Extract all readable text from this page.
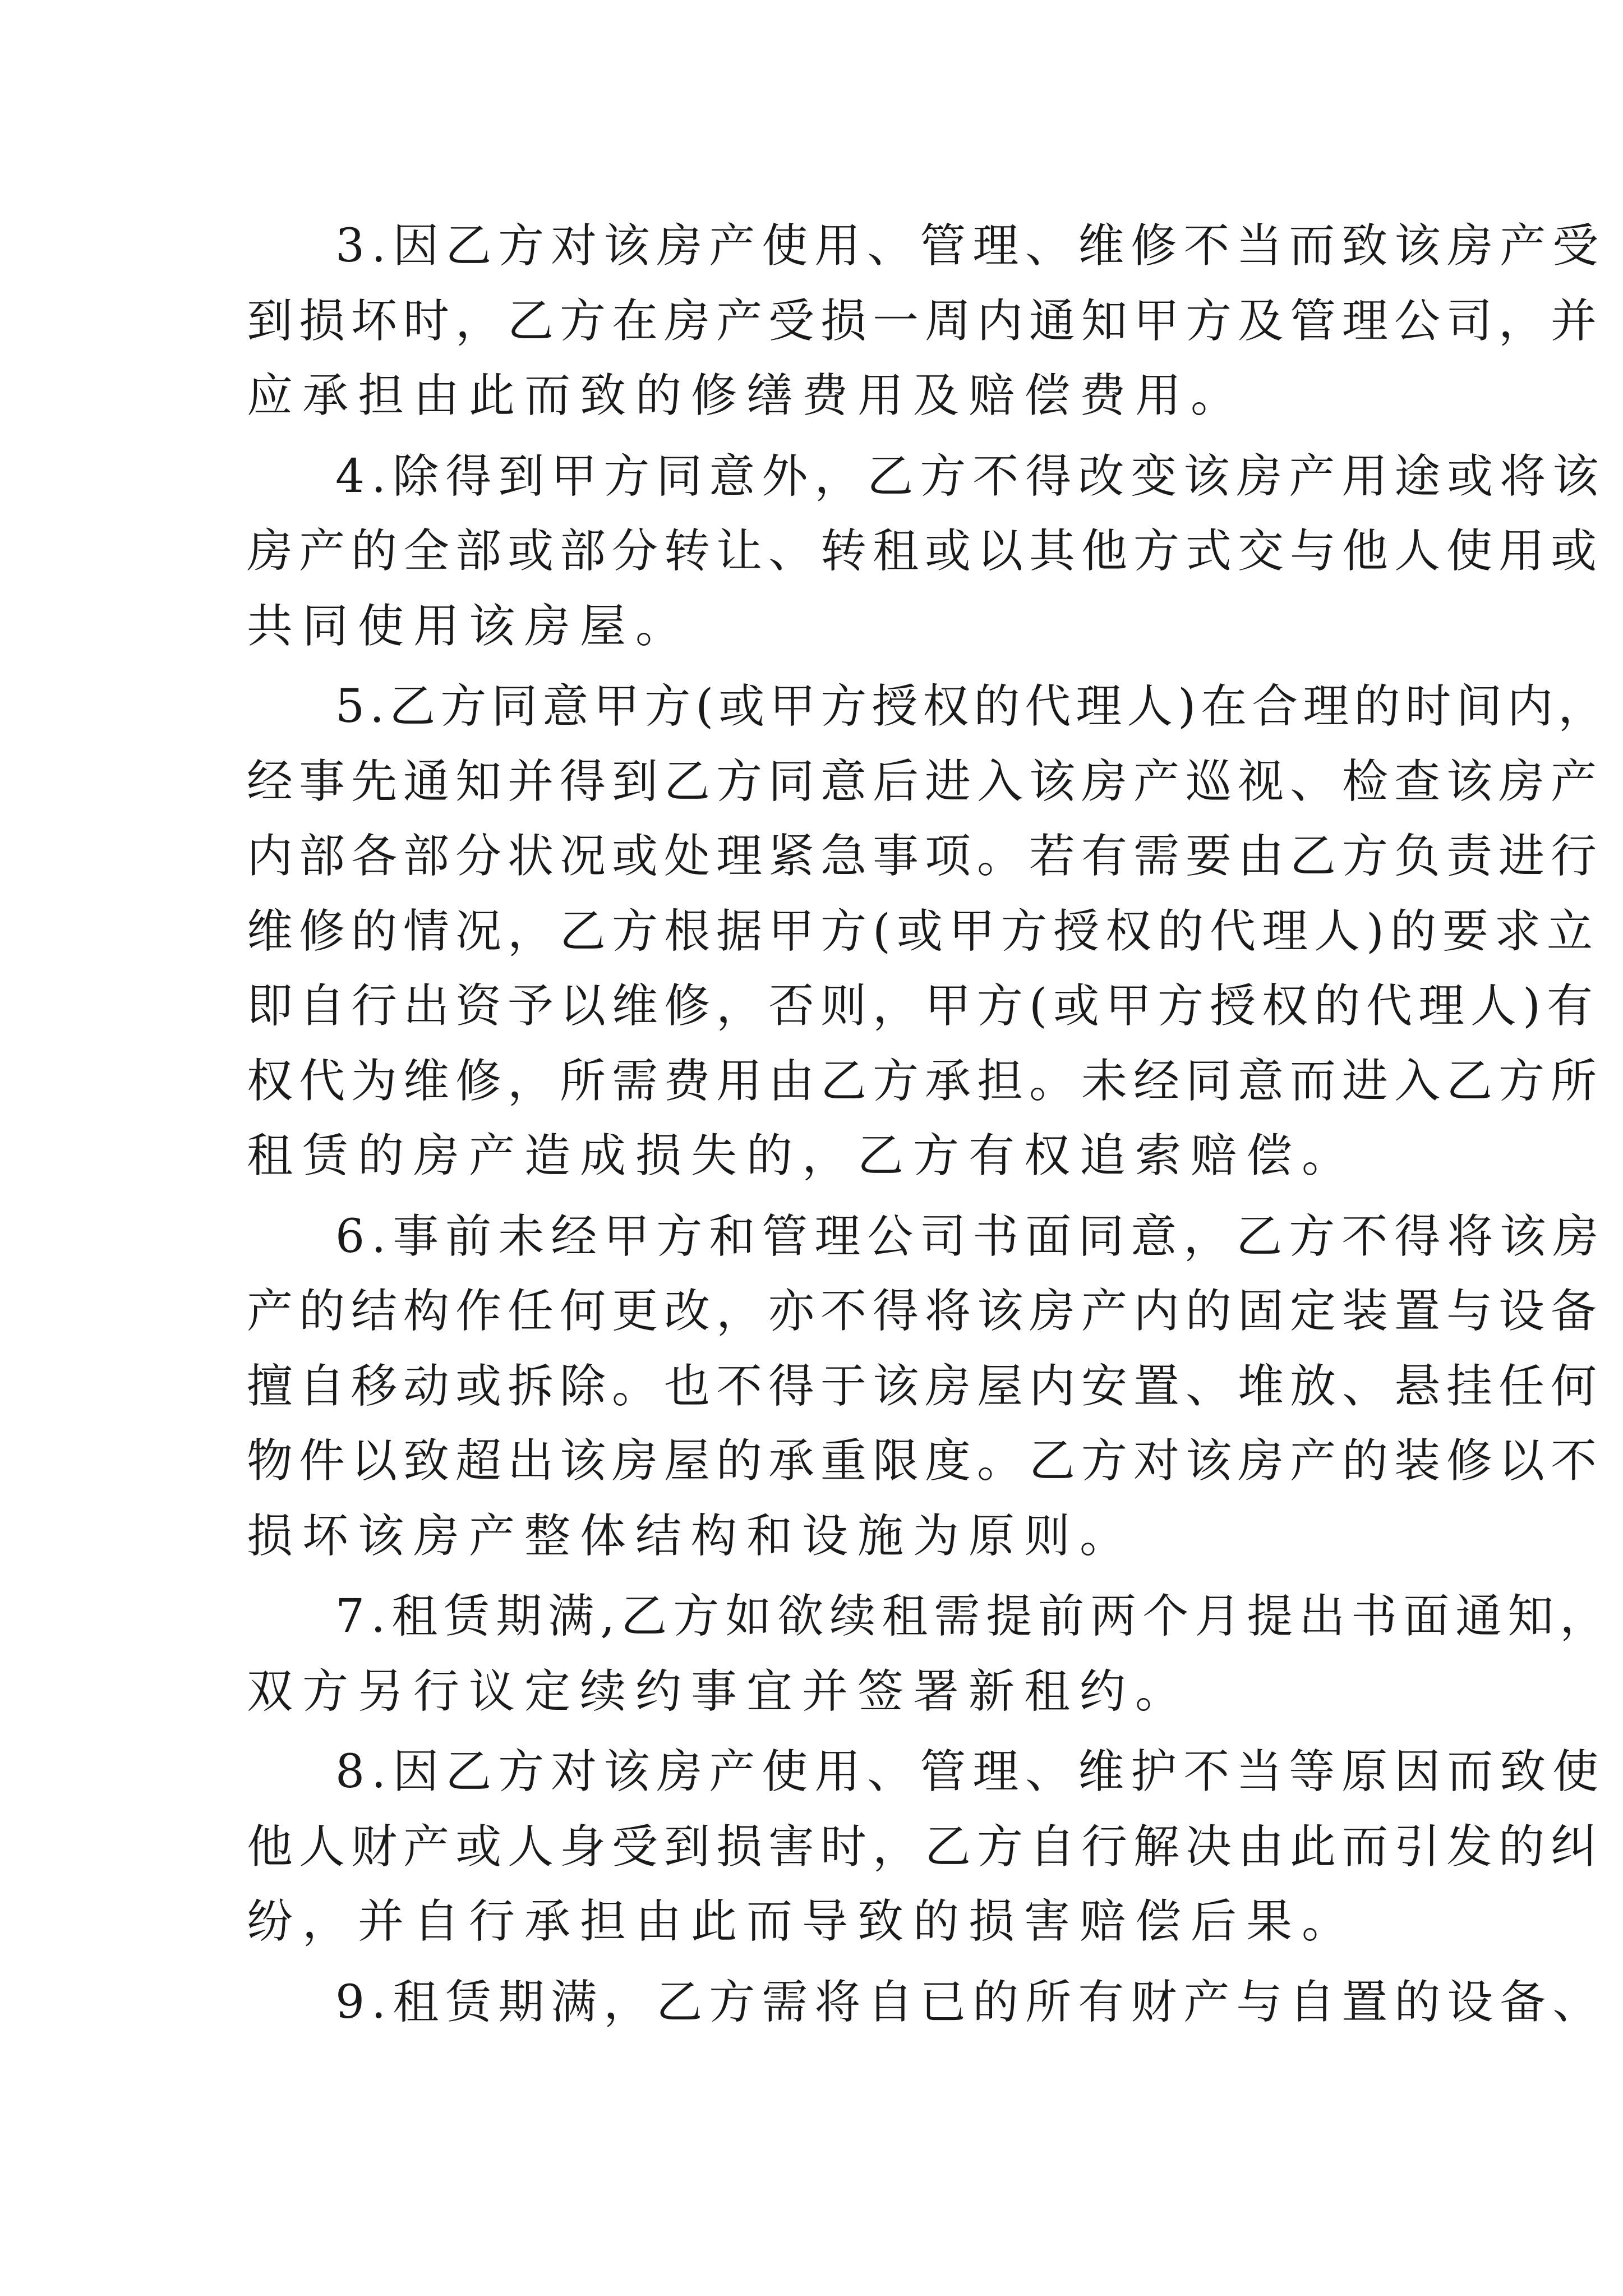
3.因乙方对该房产使用、管理、维修不当而致该房产受
到损坏时，乙方在房产受损一周内通知甲方及管理公司，并
应承担由此而致的修缮费用及赔偿费用。
4.除得到甲方同意外，乙方不得改变该房产用途或将该
房产的全部或部分转让、转租或以其他方式交与他人使用或
共同使用该房屋。
5.乙方同意甲方(或甲方授权的代理人)在合理的时间内，
经事先通知并得到乙方同意后进入该房产巡视、检查该房产
内部各部分状况或处理紧急事项。若有需要由乙方负责进行
维修的情况，乙方根据甲方(或甲方授权的代理人)的要求立
即自行出资予以维修，否则，甲方(或甲方授权的代理人)有
权代为维修，所需费用由乙方承担。未经同意而进入乙方所
租赁的房产造成损失的，乙方有权追索赔偿。
6.事前未经甲方和管理公司书面同意，乙方不得将该房
产的结构作任何更改，亦不得将该房产内的固定装置与设备
擅自移动或拆除。也不得于该房屋内安置、堆放、悬挂任何
物件以致超出该房屋的承重限度。乙方对该房产的装修以不
损坏该房产整体结构和设施为原则。
7.租赁期满,乙方如欲续租需提前两个月提出书面通知，
双方另行议定续约事宜并签署新租约。
8.因乙方对该房产使用、管理、维护不当等原因而致使
他人财产或人身受到损害时，乙方自行解决由此而引发的纠
纷，并自行承担由此而导致的损害赔偿后果。
9.租赁期满，乙方需将自已的所有财产与自置的设备、
